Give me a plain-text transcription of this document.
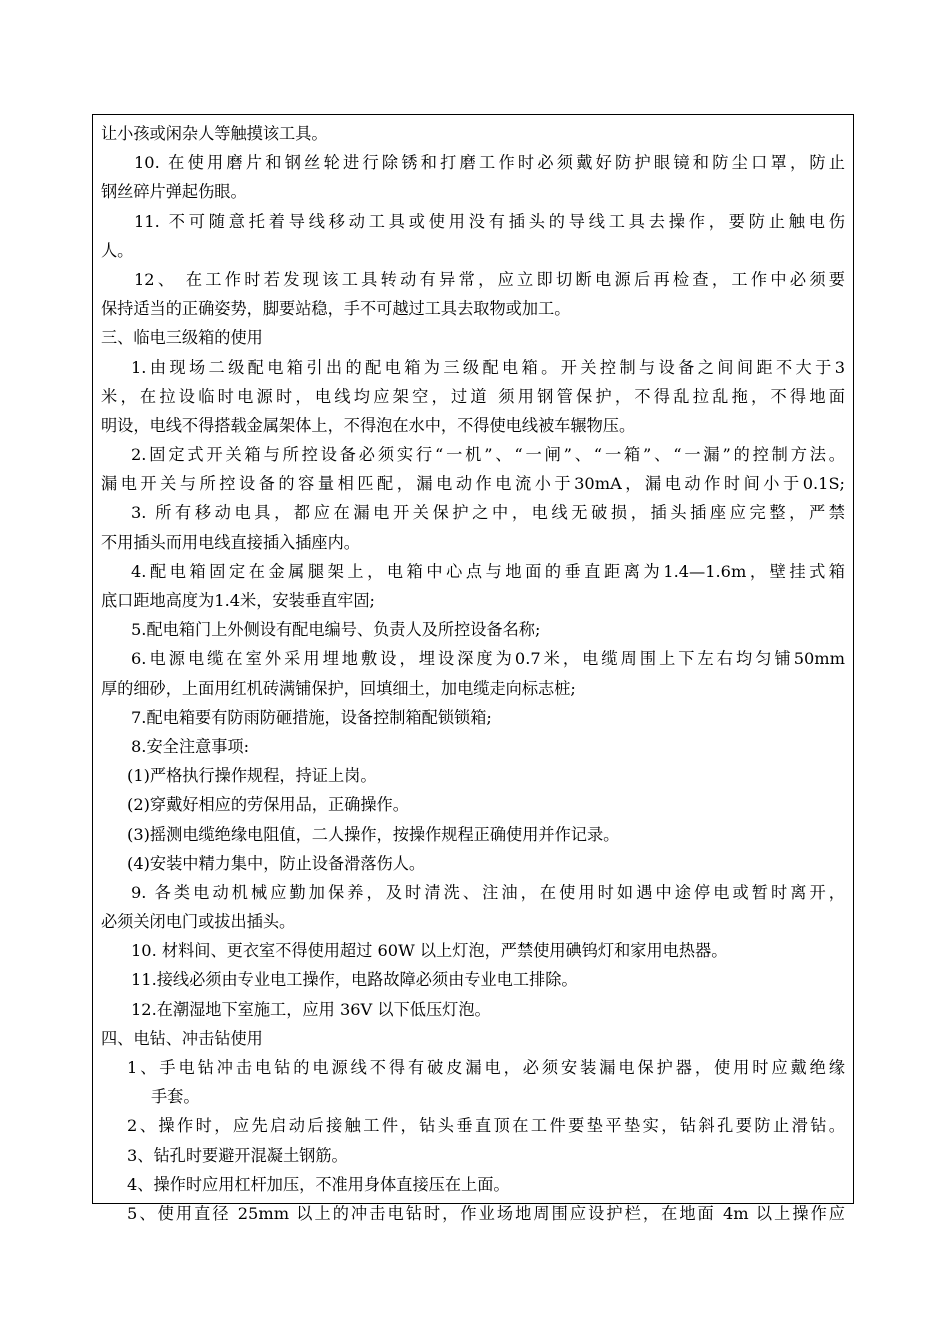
让小孩或闲杂人等触摸该工具。
10. 在使用磨片和钢丝轮进行除锈和打磨工作时必须戴好防护眼镜和防尘口罩，防止
钢丝碎片弹起伤眼。
11. 不可随意托着导线移动工具或使用没有插头的导线工具去操作，要防止触电伤
人。
12、 在工作时若发现该工具转动有异常，应立即切断电源后再检查，工作中必须要
保持适当的正确姿势，脚要站稳，手不可越过工具去取物或加工。
三、临电三级箱的使用
1.由现场二级配电箱引出的配电箱为三级配电箱。开关控制与设备之间间距不大于3
米，在拉设临时电源时，电线均应架空，过道 须用钢管保护，不得乱拉乱拖，不得地面
明设，电线不得搭载金属架体上，不得泡在水中，不得使电线被车辗物压。
2.固定式开关箱与所控设备必须实行“一机”、“一闸”、“一箱”、“一漏”的控制方法。
漏电开关与所控设备的容量相匹配，漏电动作电流小于30mA，漏电动作时间小于0.1S;
3. 所有移动电具，都应在漏电开关保护之中，电线无破损，插头插座应完整，严禁
不用插头而用电线直接插入插座内。
4.配电箱固定在金属腿架上，电箱中心点与地面的垂直距离为1.4—1.6m，壁挂式箱
底口距地高度为1.4米，安装垂直牢固;
5.配电箱门上外侧设有配电编号、负责人及所控设备名称;
6.电源电缆在室外采用埋地敷设，埋设深度为0.7米，电缆周围上下左右均匀铺50mm
厚的细砂，上面用红机砖满铺保护，回填细土，加电缆走向标志桩;
7.配电箱要有防雨防砸措施，设备控制箱配锁锁箱;
8.安全注意事项:
(1)严格执行操作规程，持证上岗。
(2)穿戴好相应的劳保用品，正确操作。
(3)摇测电缆绝缘电阻值，二人操作，按操作规程正确使用并作记录。
(4)安装中精力集中，防止设备滑落伤人。
9. 各类电动机械应勤加保养，及时清洗、注油，在使用时如遇中途停电或暂时离开，
必须关闭电门或拔出插头。
10. 材料间、更衣室不得使用超过 60W 以上灯泡，严禁使用碘钨灯和家用电热器。
11.接线必须由专业电工操作，电路故障必须由专业电工排除。
12.在潮湿地下室施工，应用 36V 以下低压灯泡。
四、电钻、冲击钻使用
1、手电钻冲击电钻的电源线不得有破皮漏电，必须安装漏电保护器，使用时应戴绝缘
手套。
2、操作时，应先启动后接触工件，钻头垂直顶在工件要垫平垫实，钻斜孔要防止滑钻。
3、钻孔时要避开混凝土钢筋。
4、操作时应用杠杆加压，不准用身体直接压在上面。
5、使用直径 25mm 以上的冲击电钻时，作业场地周围应设护栏，在地面 4m 以上操作应
